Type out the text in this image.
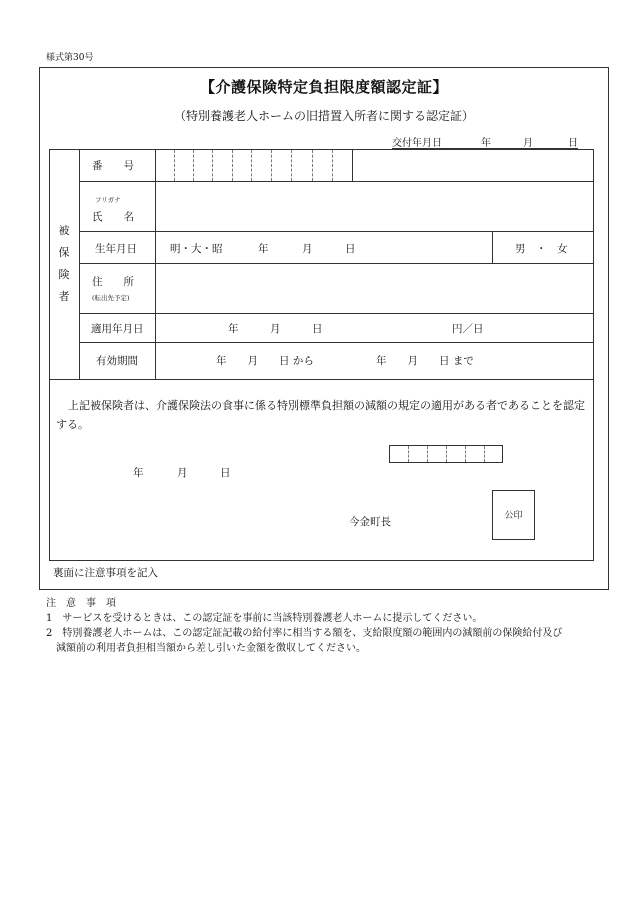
様式第30号
【介護保険特定負担限度額認定証】
（特別養護老人ホームの旧措置入所者に関する認定証）
交付年月日	年	月	日
被
保
険
者
番　　号
フリガナ
氏　　名
生年月日	明・大・昭	年	月	日	男　・　女
住　　所
(転出先予定)
適用年月日	年	月	日	円／日
有効期間	年　　月　　日 から	年　　月　　日 まで
上記被保険者は、介護保険法の食事に係る特別標準負担額の減額の規定の適用がある者であることを認定する。
年	月	日
今金町長	公印
裏面に注意事項を記入
注　意　事　項
1　サービスを受けるときは、この認定証を事前に当該特別養護老人ホームに提示してください。
2　特別養護老人ホームは、この認定証記載の給付率に相当する額を、支給限度額の範囲内の減額前の保険給付及び
　減額前の利用者負担相当額から差し引いた金額を徴収してください。
